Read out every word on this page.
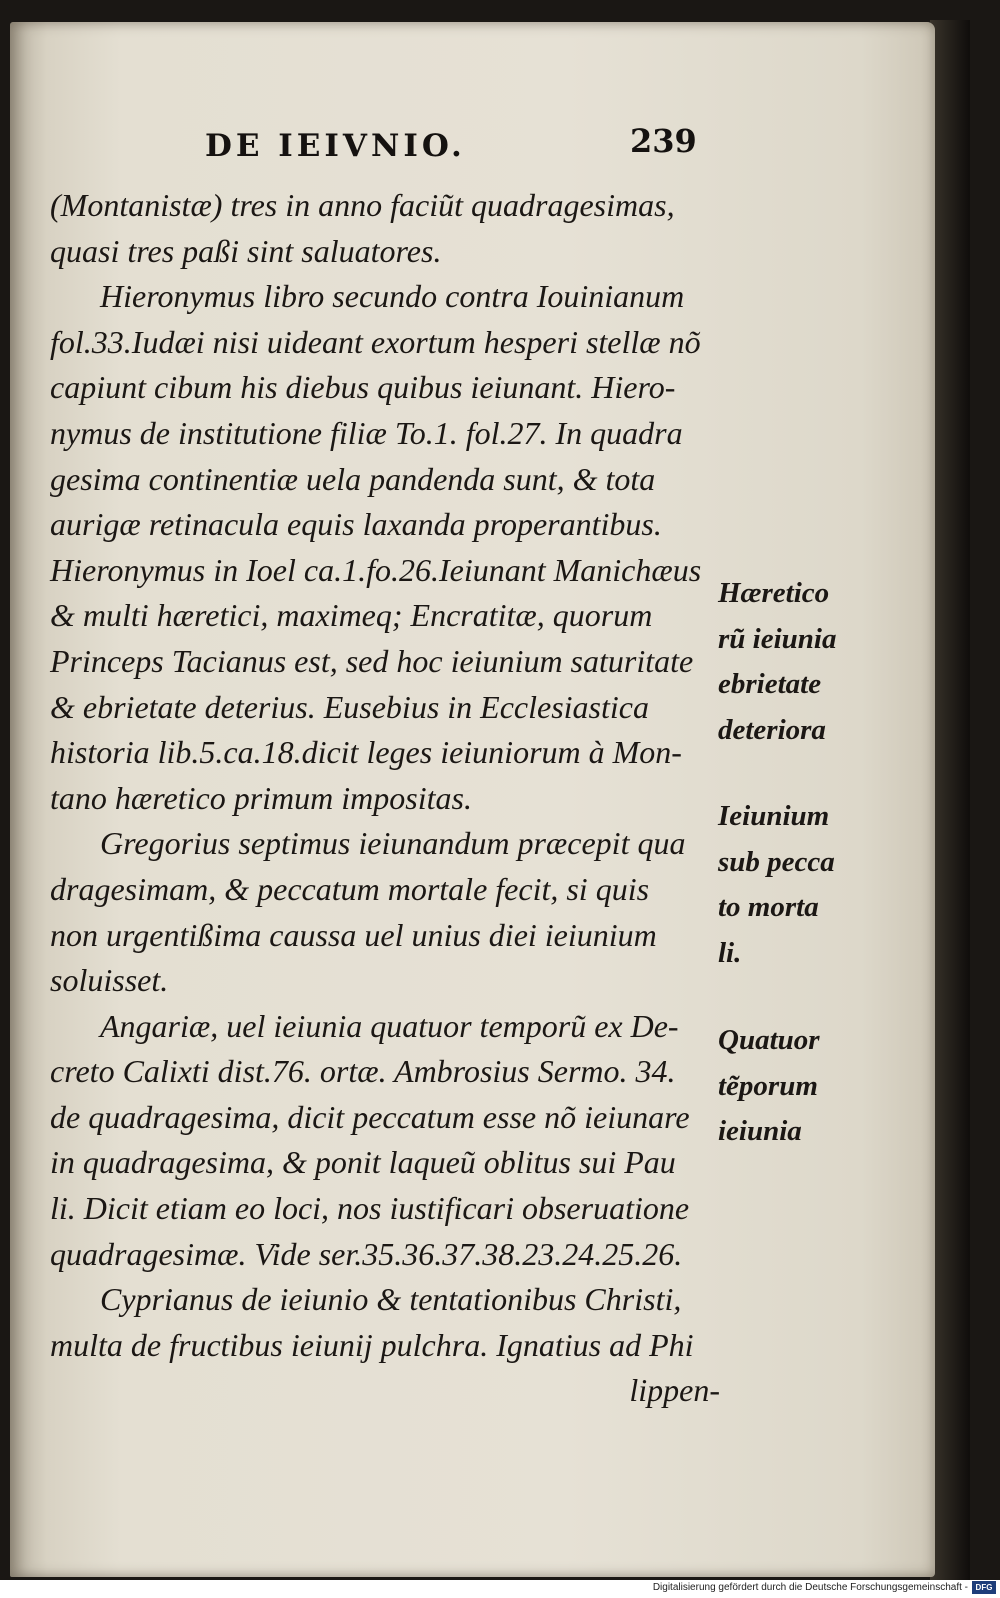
DE IEIVNIO.	239
(Montanistæ) tres in anno faciũt quadragesimas,
quasi tres paßi sint saluatores.
Hieronymus libro secundo contra Iouinianum
fol.33.Iudæi nisi uideant exortum hesperi stellæ nõ
capiunt cibum his diebus quibus ieiunant. Hiero-
nymus de institutione filiæ To.1. fol.27. In quadra
gesima continentiæ uela pandenda sunt, & tota
aurigæ retinacula equis laxanda properantibus.
Hieronymus in Ioel ca.1.fo.26.Ieiunant Manichæus
& multi hæretici, maximeq; Encratitæ, quorum
Princeps Tacianus est, sed hoc ieiunium saturitate
& ebrietate deterius. Eusebius in Ecclesiastica
historia lib.5.ca.18.dicit leges ieiuniorum à Mon-
tano hæretico primum impositas.
Gregorius septimus ieiunandum præcepit qua
dragesimam, & peccatum mortale fecit, si quis
non urgentißima caussa uel unius diei ieiunium
soluisset.
Angariæ, uel ieiunia quatuor temporũ ex De-
creto Calixti dist.76. ortæ. Ambrosius Sermo. 34.
de quadragesima, dicit peccatum esse nõ ieiunare
in quadragesima, & ponit laqueũ oblitus sui Pau
li. Dicit etiam eo loci, nos iustificari obseruatione
quadragesimæ. Vide ser.35.36.37.38.23.24.25.26.
Cyprianus de ieiunio & tentationibus Christi,
multa de fructibus ieiunij pulchra. Ignatius ad Phi
lippen-
Hæretico
rũ ieiunia
ebrietate
deteriora
Ieiunium
sub pecca
to morta
li.
Quatuor
tẽporum
ieiunia
Digitalisierung gefördert durch die Deutsche Forschungsgemeinschaft - DFG
